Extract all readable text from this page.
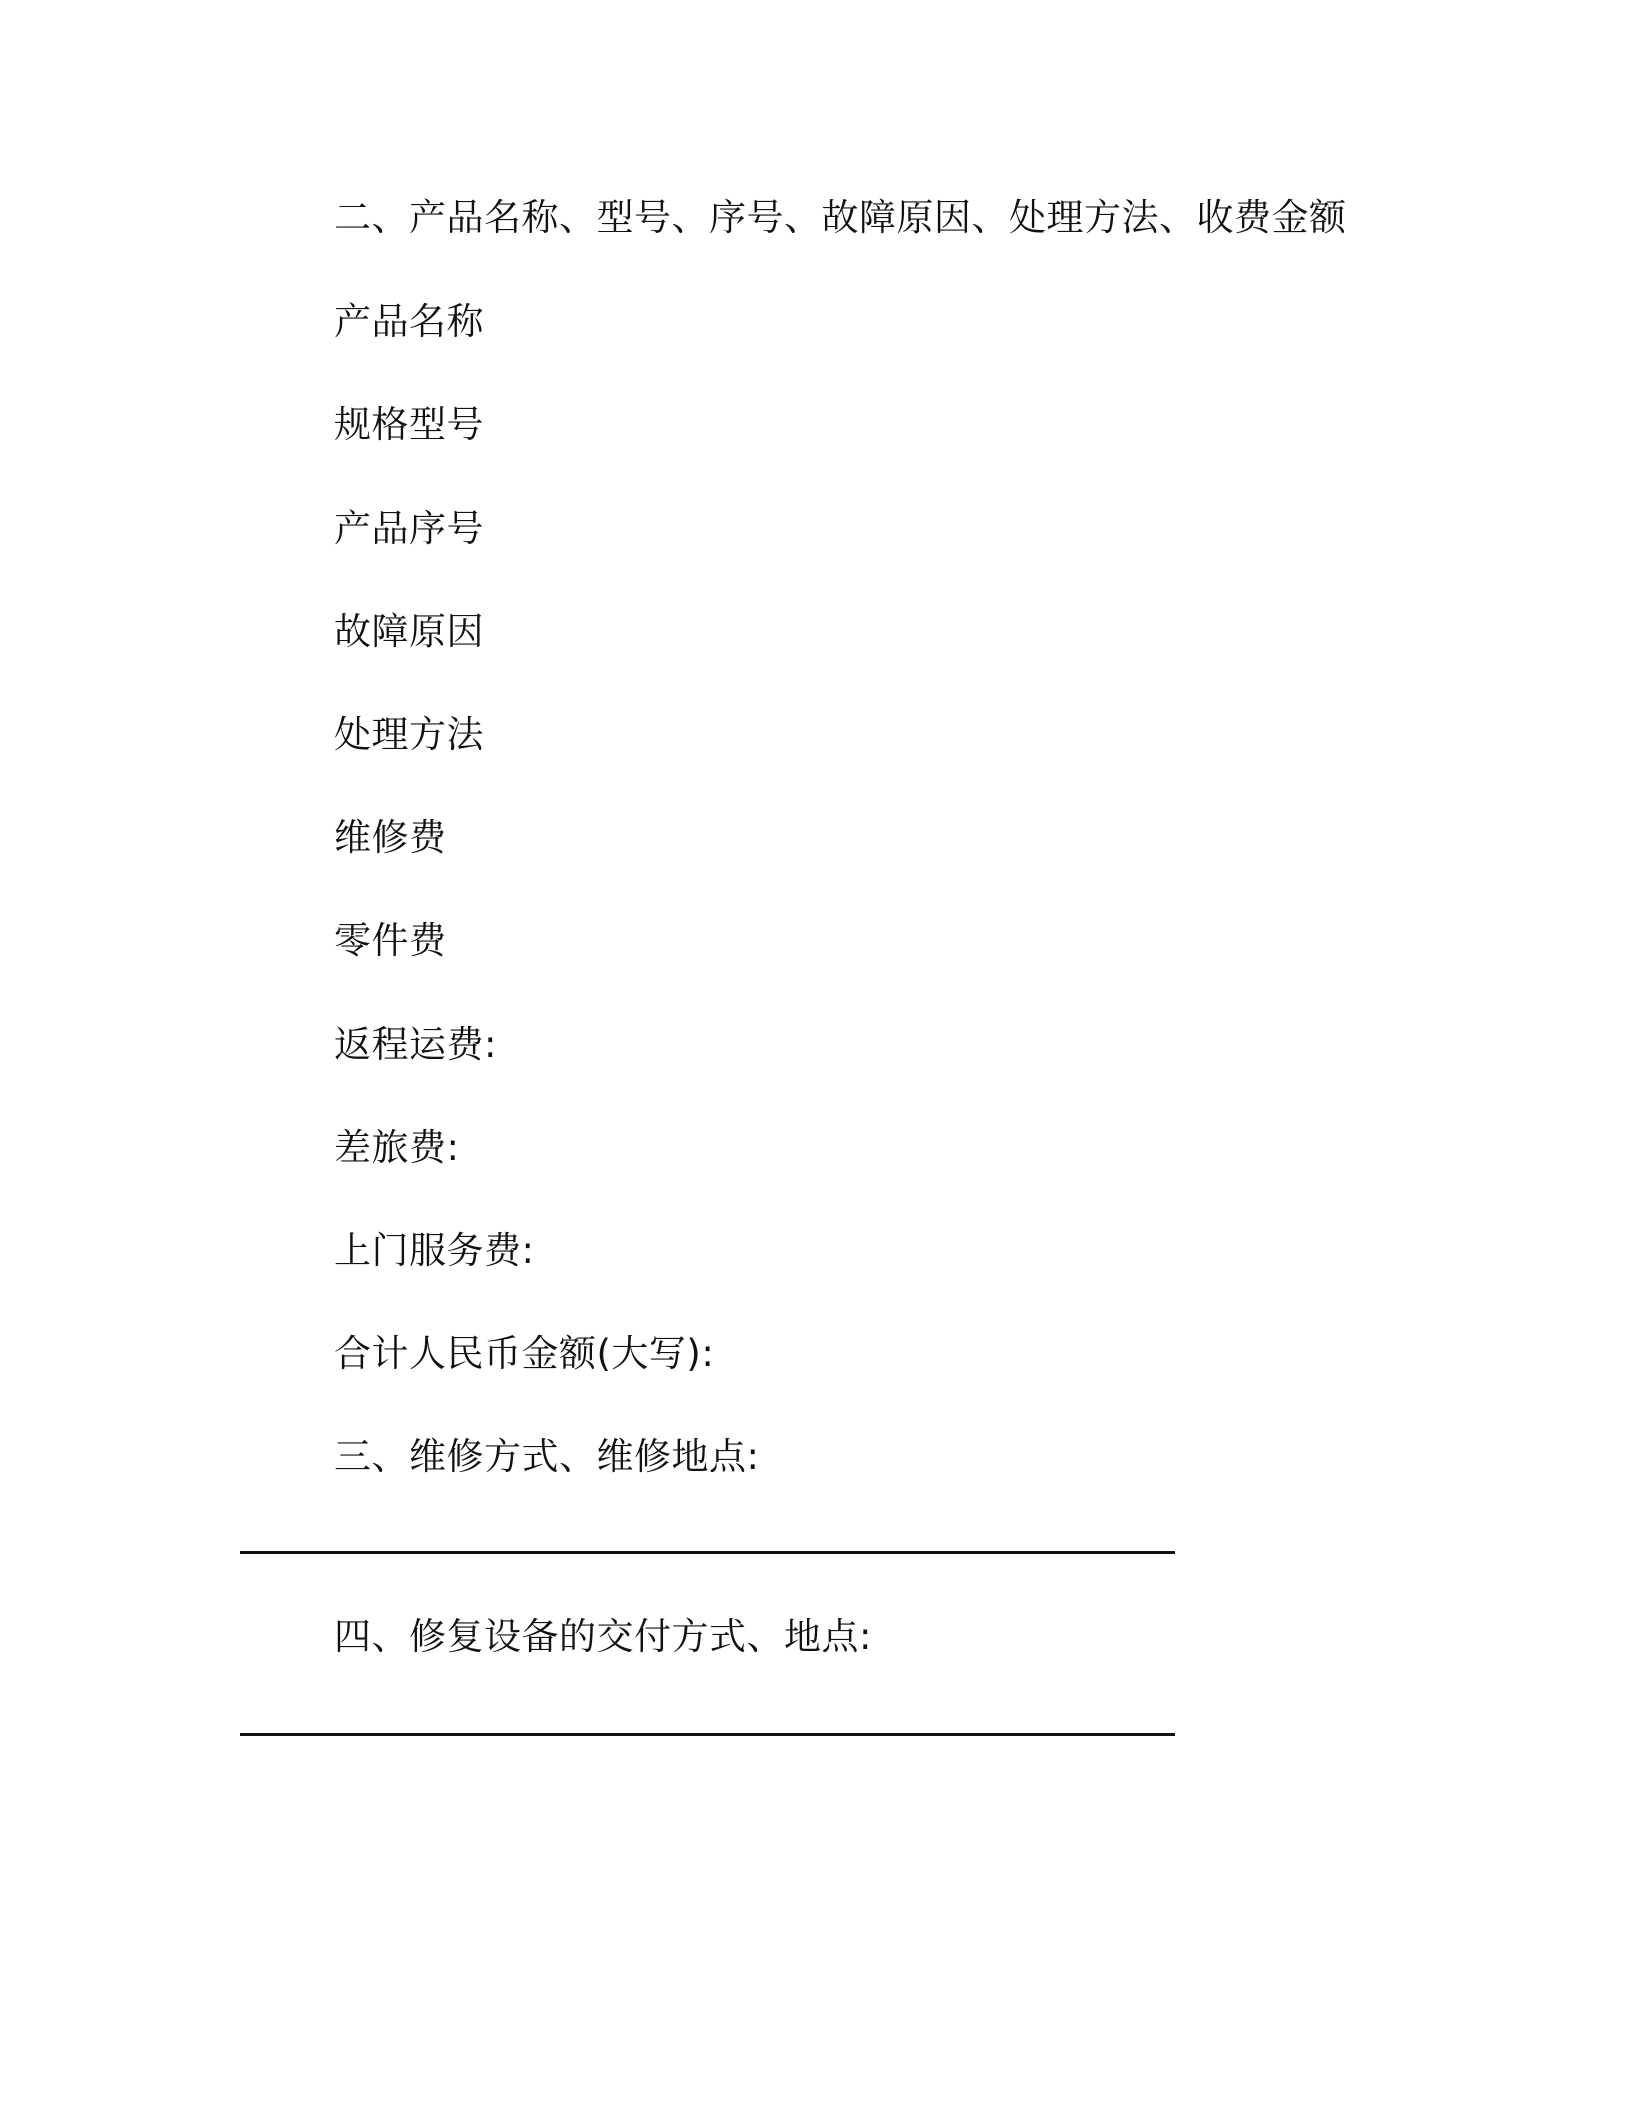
二、产品名称、型号、序号、故障原因、处理方法、收费金额
产品名称
规格型号
产品序号
故障原因
处理方法
维修费
零件费
返程运费:
差旅费:
上门服务费:
合计人民币金额(大写):
三、维修方式、维修地点:
四、修复设备的交付方式、地点:
